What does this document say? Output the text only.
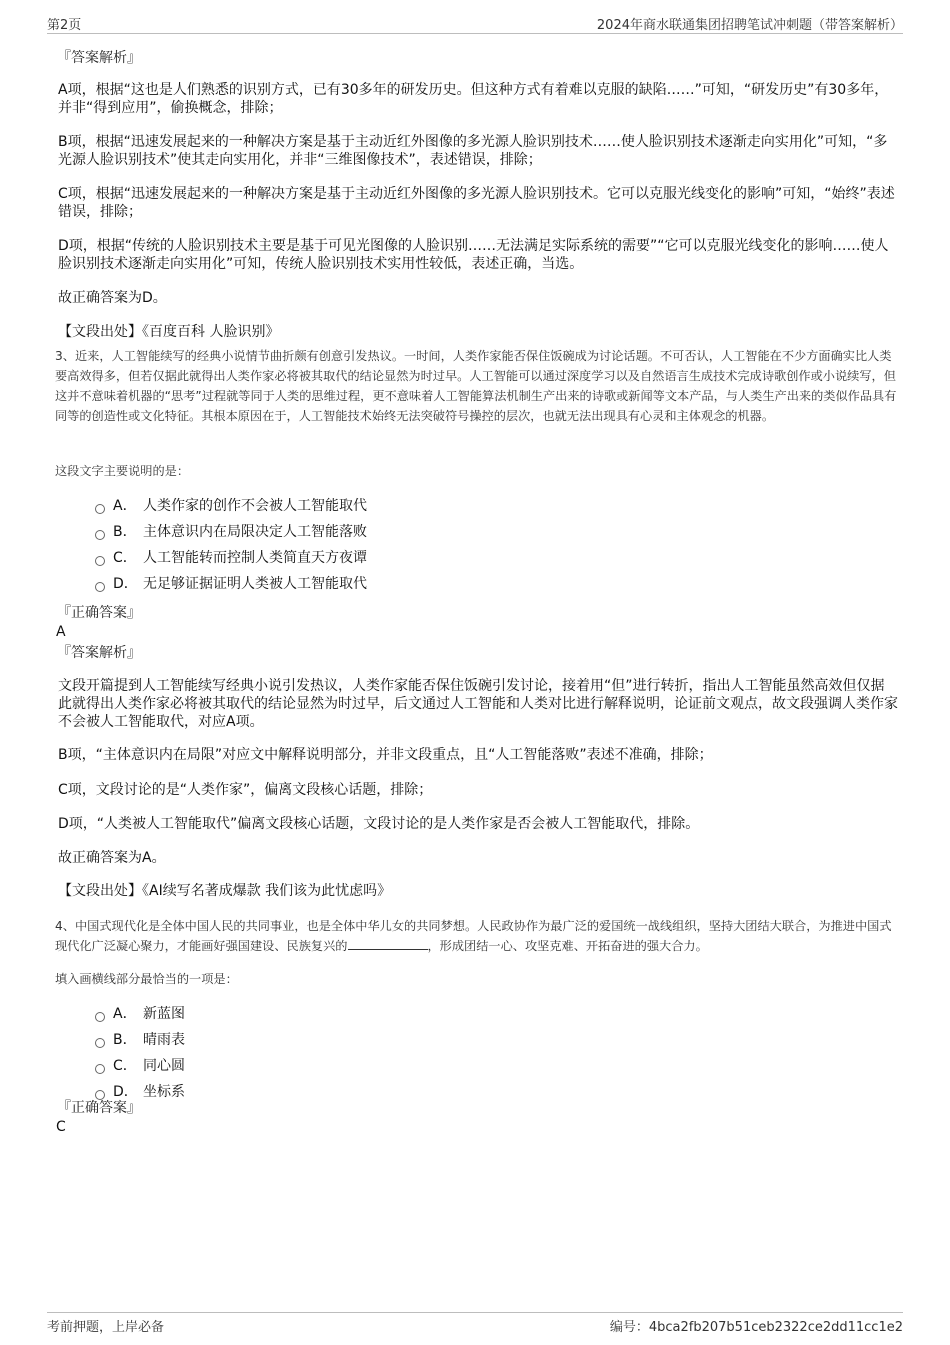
第2页	2024年商水联通集团招聘笔试冲刺题（带答案解析）
『答案解析』

A项，根据“这也是人们熟悉的识别方式，已有30多年的研发历史。但这种方式有着难以克服的缺陷……”可知，“研发历史”有30多年，并非“得到应用”，偷换概念，排除；

B项，根据“迅速发展起来的一种解决方案是基于主动近红外图像的多光源人脸识别技术……使人脸识别技术逐渐走向实用化”可知，“多光源人脸识别技术”使其走向实用化，并非“三维图像技术”，表述错误，排除；

C项，根据“迅速发展起来的一种解决方案是基于主动近红外图像的多光源人脸识别技术。它可以克服光线变化的影响”可知，“始终”表述错误，排除；

D项，根据“传统的人脸识别技术主要是基于可见光图像的人脸识别……无法满足实际系统的需要”“它可以克服光线变化的影响……使人脸识别技术逐渐走向实用化”可知，传统人脸识别技术实用性较低，表述正确，当选。

故正确答案为D。

【文段出处】《百度百科 人脸识别》

3、近来，人工智能续写的经典小说情节曲折颇有创意引发热议。一时间，人类作家能否保住饭碗成为讨论话题。不可否认，人工智能在不少方面确实比人类要高效得多，但若仅据此就得出人类作家必将被其取代的结论显然为时过早。人工智能可以通过深度学习以及自然语言生成技术完成诗歌创作或小说续写，但这并不意味着机器的“思考”过程就等同于人类的思维过程，更不意味着人工智能算法机制生产出来的诗歌或新闻等文本产品，与人类生产出来的类似作品具有同等的创造性或文化特征。其根本原因在于，人工智能技术始终无法突破符号操控的层次，也就无法出现具有心灵和主体观念的机器。
这段文字主要说明的是：
A． 人类作家的创作不会被人工智能取代
B． 主体意识内在局限决定人工智能落败
C． 人工智能转而控制人类简直天方夜谭
D． 无足够证据证明人类被人工智能取代
『正确答案』
A
『答案解析』

文段开篇提到人工智能续写经典小说引发热议，人类作家能否保住饭碗引发讨论，接着用“但”进行转折，指出人工智能虽然高效但仅据此就得出人类作家必将被其取代的结论显然为时过早，后文通过人工智能和人类对比进行解释说明，论证前文观点，故文段强调人类作家不会被人工智能取代，对应A项。

B项，“主体意识内在局限”对应文中解释说明部分，并非文段重点，且“人工智能落败”表述不准确，排除；

C项，文段讨论的是“人类作家”，偏离文段核心话题，排除；

D项，“人类被人工智能取代”偏离文段核心话题，文段讨论的是人类作家是否会被人工智能取代，排除。

故正确答案为A。

【文段出处】《AI续写名著成爆款 我们该为此忧虑吗》

4、中国式现代化是全体中国人民的共同事业，也是全体中华儿女的共同梦想。人民政协作为最广泛的爱国统一战线组织，坚持大团结大联合，为推进中国式现代化广泛凝心聚力，才能画好强国建设、民族复兴的	，形成团结一心、攻坚克难、开拓奋进的强大合力。
填入画横线部分最恰当的一项是：
A． 新蓝图
B． 晴雨表
C． 同心圆
D． 坐标系
『正确答案』
C
考前押题，上岸必备	编号：4bca2fb207b51ceb2322ce2dd11cc1e2
